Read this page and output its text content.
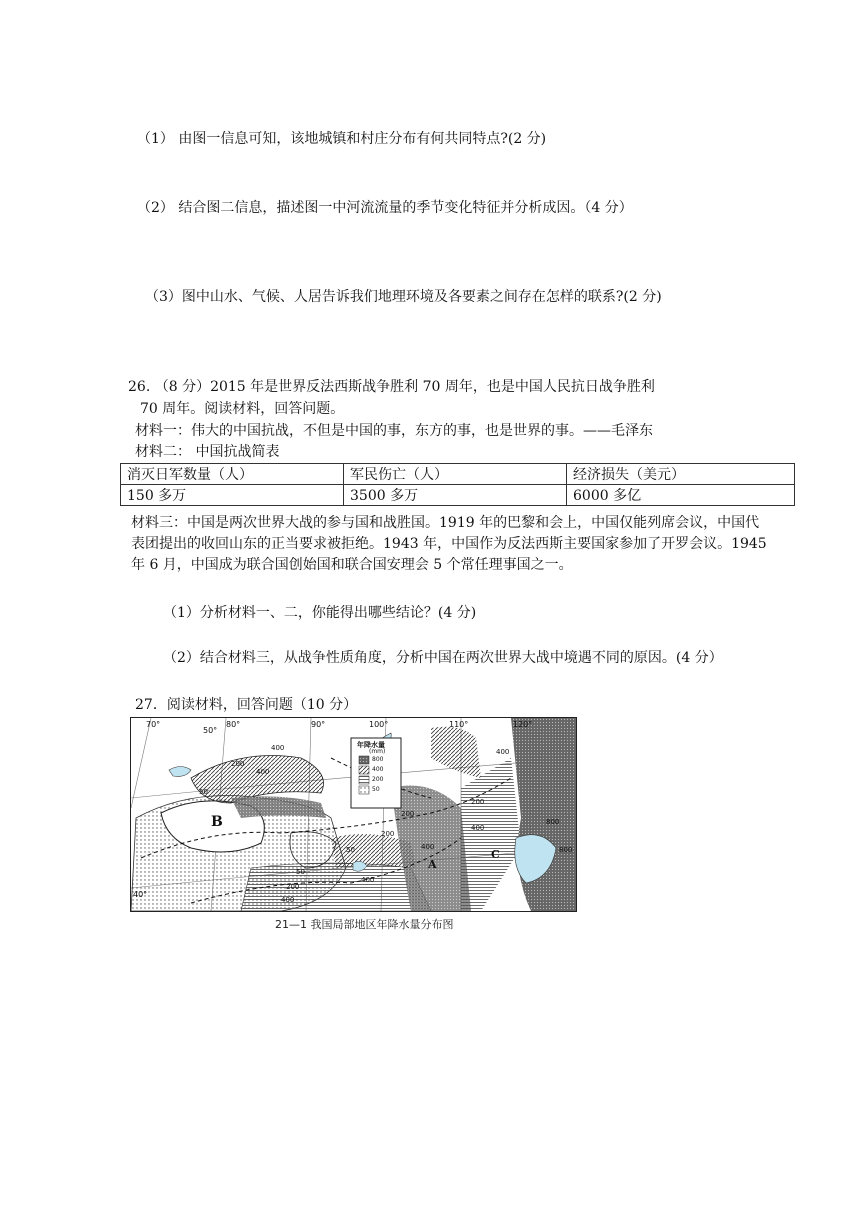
（1） 由图一信息可知，该地城镇和村庄分布有何共同特点?(2 分)
（2） 结合图二信息，描述图一中河流流量的季节变化特征并分析成因。（4 分）
（3）图中山水、气候、人居告诉我们地理环境及各要素之间存在怎样的联系?(2 分)
26. （8 分）2015 年是世界反法西斯战争胜利 70 周年，也是中国人民抗日战争胜利
70 周年。阅读材料，回答问题。
材料一：伟大的中国抗战，不但是中国的事，东方的事，也是世界的事。——毛泽东
材料二： 中国抗战简表
消灭日军数量（人）	军民伤亡（人）	经济损失（美元）
150 多万	3500 多万	6000 多亿
材料三：中国是两次世界大战的参与国和战胜国。1919 年的巴黎和会上，中国仅能列席会议，中国代表团提出的收回山东的正当要求被拒绝。1943 年，中国作为反法西斯主要国家参加了开罗会议。1945 年 6 月，中国成为联合国创始国和联合国安理会 5 个常任理事国之一。
（1）分析材料一、二，你能得出哪些结论？(4 分)
（2）结合材料三，从战争性质角度，分析中国在两次世界大战中境遇不同的原因。(4 分）
27．阅读材料，回答问题（10 分）
70°	80°	90°	100°	110°	120°
50°
40°
年降水量
(mm)
800
400
200
50
B
A
C
400
200
400
50
200
400
800
400
50
200
400
200
50
800
400
200
400
21—1 我国局部地区年降水量分布图
